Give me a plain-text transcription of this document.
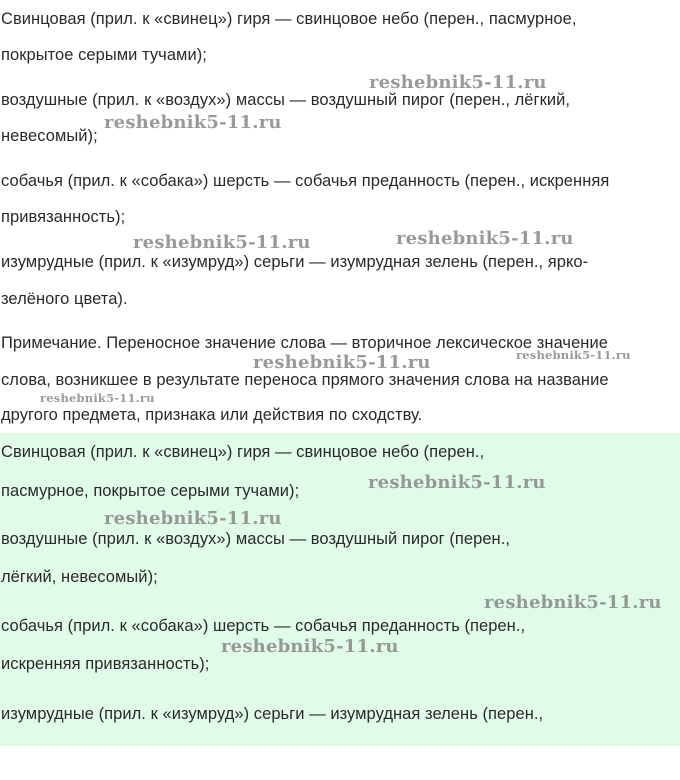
Свинцовая (прил. к «свинец») гиря — свинцовое небо (перен., пасмурное,

покрытое серыми тучами);

воздушные (прил. к «воздух») массы — воздушный пирог (перен., лёгкий,

невесомый);

собачья (прил. к «собака») шерсть — собачья преданность (перен., искренняя

привязанность);

изумрудные (прил. к «изумруд») серьги — изумрудная зелень (перен., ярко-

зелёного цвета).

Примечание. Переносное значение слова — вторичное лексическое значение

слова, возникшее в результате переноса прямого значения слова на название

другого предмета, признака или действия по сходству.

Свинцовая (прил. к «свинец») гиря — свинцовое небо (перен.,

пасмурное, покрытое серыми тучами);

воздушные (прил. к «воздух») массы — воздушный пирог (перен.,

лёгкий, невесомый);

собачья (прил. к «собака») шерсть — собачья преданность (перен.,

искренняя привязанность);

изумрудные (прил. к «изумруд») серьги — изумрудная зелень (перен.,

reshebnik5-11.ru
reshebnik5-11.ru
reshebnik5-11.ru	reshebnik5-11.ru
reshebnik5-11.ru	reshebnik5-11.ru
reshebnik5-11.ru
reshebnik5-11.ru
reshebnik5-11.ru
reshebnik5-11.ru
reshebnik5-11.ru
